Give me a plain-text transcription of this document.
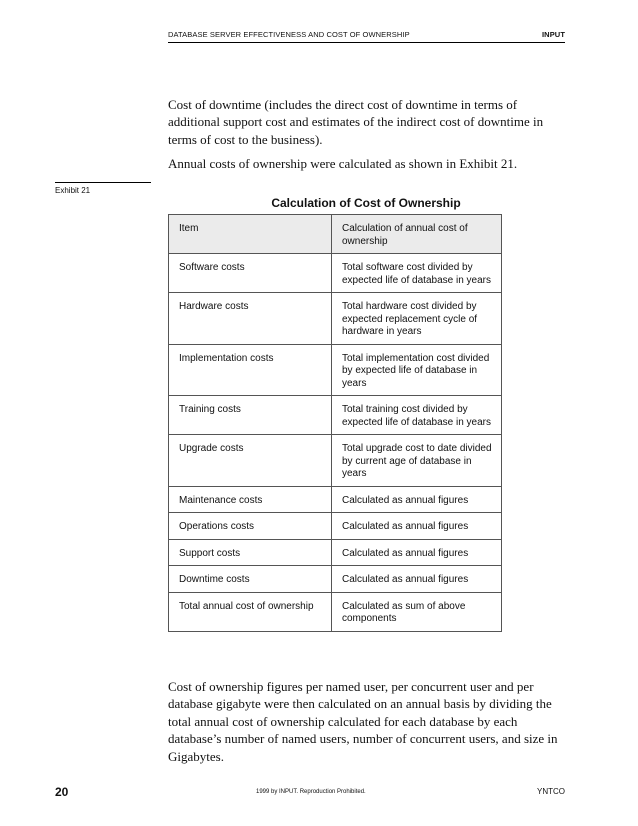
DATABASE SERVER EFFECTIVENESS AND COST OF OWNERSHIP	INPUT

Cost of downtime (includes the direct cost of downtime in terms of additional support cost and estimates of the indirect cost of downtime in terms of cost to the business).

Annual costs of ownership were calculated as shown in Exhibit 21.

Exhibit 21
Calculation of Cost of Ownership
Item	Calculation of annual cost of ownership
Software costs	Total software cost divided by expected life of database in years
Hardware costs	Total hardware cost divided by expected replacement cycle of hardware in years
Implementation costs	Total implementation cost divided by expected life of database in years
Training costs	Total training cost divided by expected life of database in years
Upgrade costs	Total upgrade cost to date divided by current age of database in years
Maintenance costs	Calculated as annual figures
Operations costs	Calculated as annual figures
Support costs	Calculated as annual figures
Downtime costs	Calculated as annual figures
Total annual cost of ownership	Calculated as sum of above components

Cost of ownership figures per named user, per concurrent user and per database gigabyte were then calculated on an annual basis by dividing the total annual cost of ownership calculated for each database by each database’s number of named users, number of concurrent users, and size in Gigabytes.

20	1999 by INPUT. Reproduction Prohibited.	YNTCO
